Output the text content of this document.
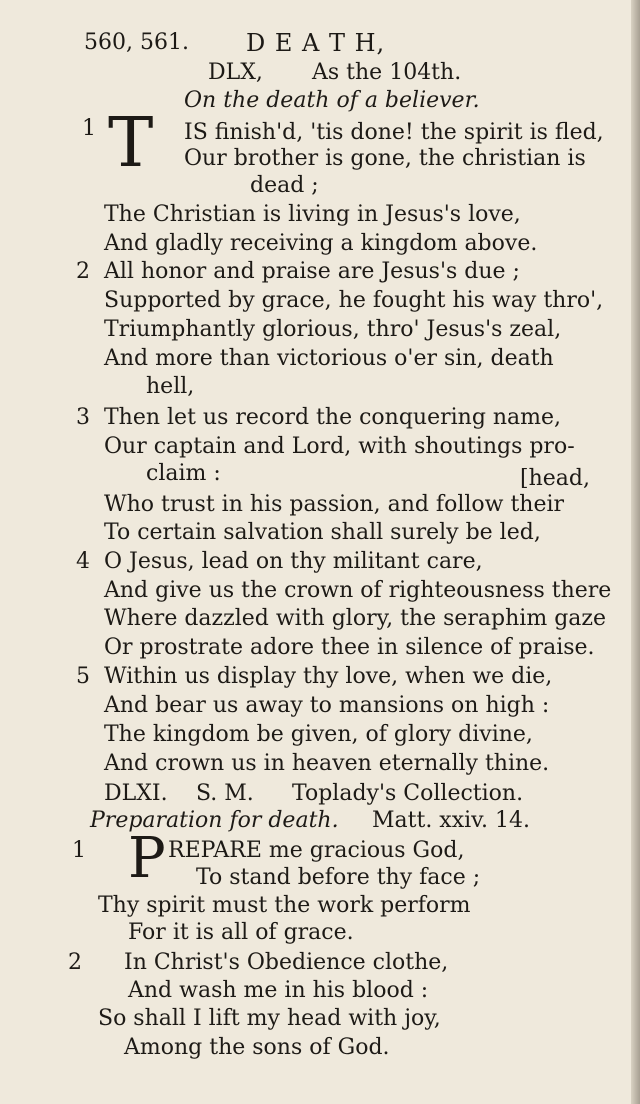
560, 561. D E A T H,
DLX, As the 104th.
On the death of a believer.
1 T IS finish'd, 'tis done! the spirit is fled,
Our brother is gone, the christian is
dead ;
The Christian is living in Jesus's love,
And gladly receiving a kingdom above.
2 All honor and praise are Jesus's due ;
Supported by grace, he fought his way thro',
Triumphantly glorious, thro' Jesus's zeal,
And more than victorious o'er sin, death
hell,
3 Then let us record the conquering name,
Our captain and Lord, with shoutings pro-
claim :	[head,
Who trust in his passion, and follow their
To certain salvation shall surely be led,
4 O Jesus, lead on thy militant care,
And give us the crown of righteousness there
Where dazzled with glory, the seraphim gaze
Or prostrate adore thee in silence of praise.
5 Within us display thy love, when we die,
And bear us away to mansions on high :
The kingdom be given, of glory divine,
And crown us in heaven eternally thine.
DLXI. S. M. Toplady's Collection.
Preparation for death. Matt. xxiv. 14.
1 P REPARE me gracious God,
To stand before thy face ;
Thy spirit must the work perform
For it is all of grace.
2 In Christ's Obedience clothe,
And wash me in his blood :
So shall I lift my head with joy,
Among the sons of God.
